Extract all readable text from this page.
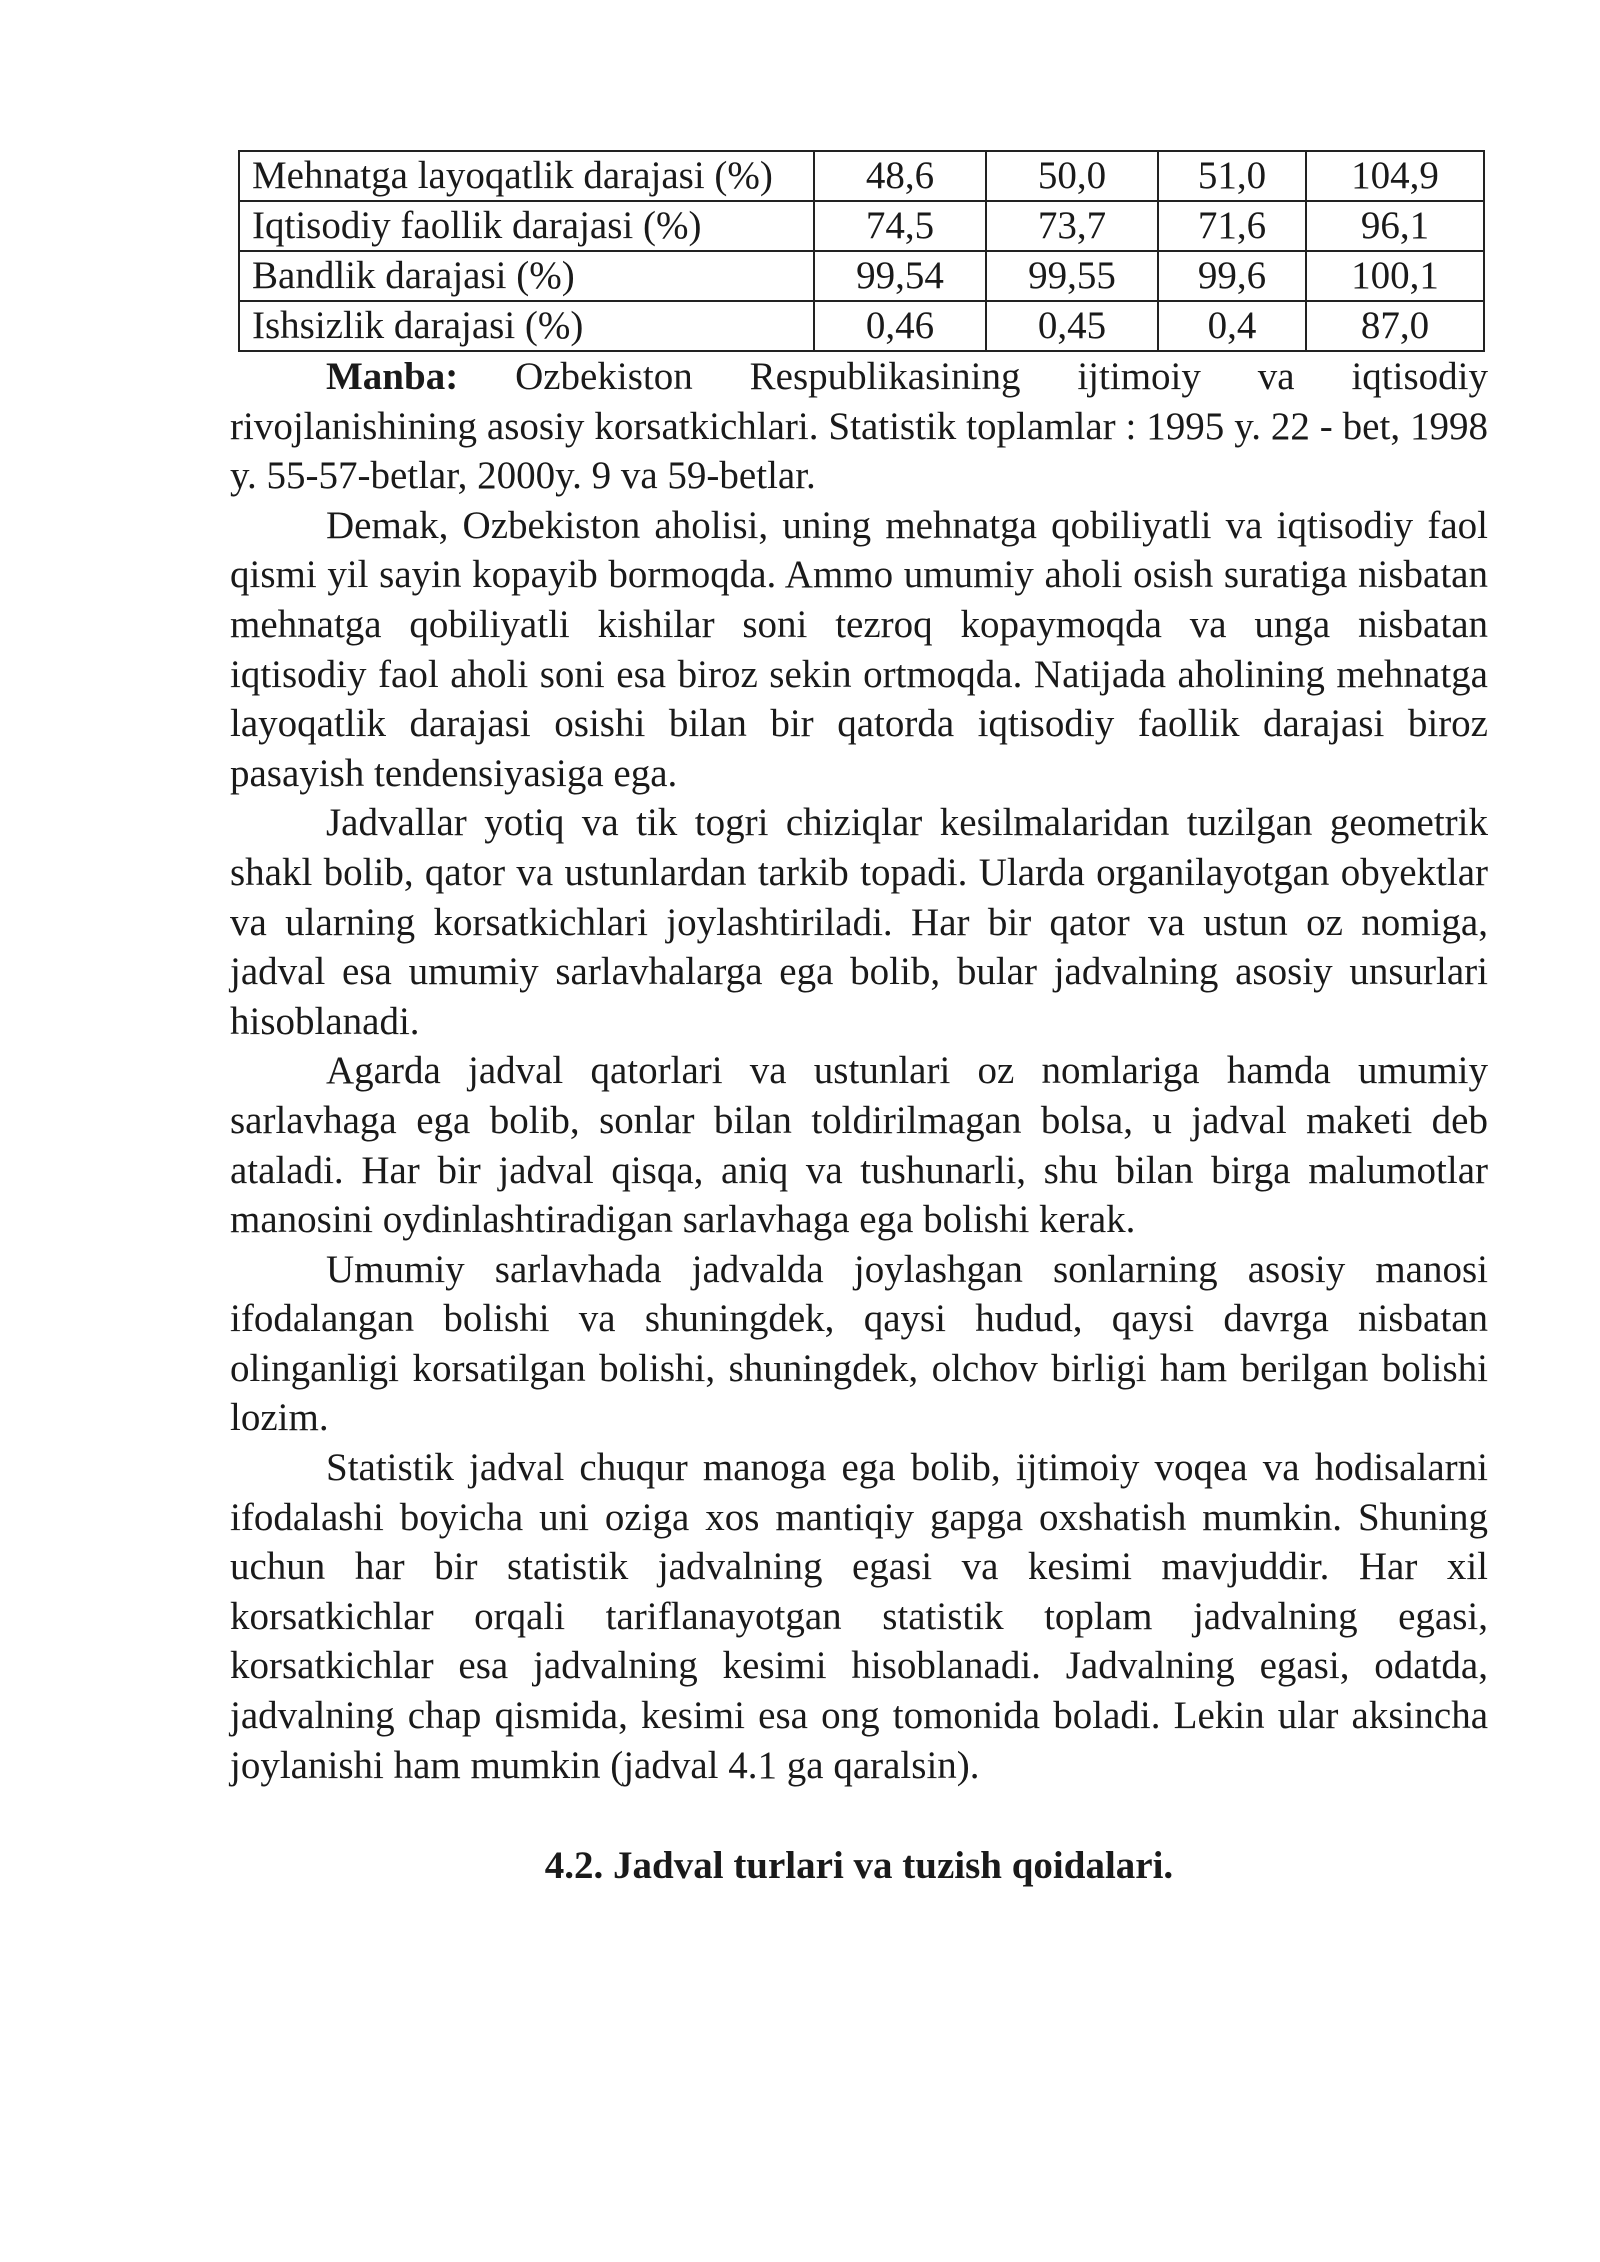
Mehnatga layoqatlik darajasi (%)	48,6	50,0	51,0	104,9
Iqtisodiy faollik darajasi (%)	74,5	73,7	71,6	96,1
Bandlik darajasi (%)	99,54	99,55	99,6	100,1
Ishsizlik darajasi (%)	0,46	0,45	0,4	87,0

Manba: Ozbekiston Respublikasining ijtimoiy va iqtisodiy rivojlanishining asosiy korsatkichlari. Statistik toplamlar : 1995 y. 22 - bet, 1998 y. 55-57-betlar, 2000y. 9 va 59-betlar.

Demak, Ozbekiston aholisi, uning mehnatga qobiliyatli va iqtisodiy faol qismi yil sayin kopayib bormoqda. Ammo umumiy aholi osish suratiga nisbatan mehnatga qobiliyatli kishilar soni tezroq kopaymoqda va unga nisbatan iqtisodiy faol aholi soni esa biroz sekin ortmoqda. Natijada aholining mehnatga layoqatlik darajasi osishi bilan bir qatorda iqtisodiy faollik darajasi biroz pasayish tendensiyasiga ega.

Jadvallar yotiq va tik togri chiziqlar kesilmalaridan tuzilgan geometrik shakl bolib, qator va ustunlardan tarkib topadi. Ularda organilayotgan obyektlar va ularning korsatkichlari joylashtiriladi. Har bir qator va ustun oz nomiga, jadval esa umumiy sarlavhalarga ega bolib, bular jadvalning asosiy unsurlari hisoblanadi.

Agarda jadval qatorlari va ustunlari oz nomlariga hamda umumiy sarlavhaga ega bolib, sonlar bilan toldirilmagan bolsa, u jadval maketi deb ataladi. Har bir jadval qisqa, aniq va tushunarli, shu bilan birga malumotlar manosini oydinlashtiradigan sarlavhaga ega bolishi kerak.

Umumiy sarlavhada jadvalda joylashgan sonlarning asosiy manosi ifodalangan bolishi va shuningdek, qaysi hudud, qaysi davrga nisbatan olinganligi korsatilgan bolishi, shuningdek, olchov birligi ham berilgan bolishi lozim.

Statistik jadval chuqur manoga ega bolib, ijtimoiy voqea va hodisalarni ifodalashi boyicha uni oziga xos mantiqiy gapga oxshatish mumkin. Shuning uchun har bir statistik jadvalning egasi va kesimi mavjuddir. Har xil korsatkichlar orqali tariflanayotgan statistik toplam jadvalning egasi, korsatkichlar esa jadvalning kesimi hisoblanadi. Jadvalning egasi, odatda, jadvalning chap qismida, kesimi esa ong tomonida boladi. Lekin ular aksincha joylanishi ham mumkin (jadval 4.1 ga qaralsin).

4.2. Jadval turlari va tuzish qoidalari.
